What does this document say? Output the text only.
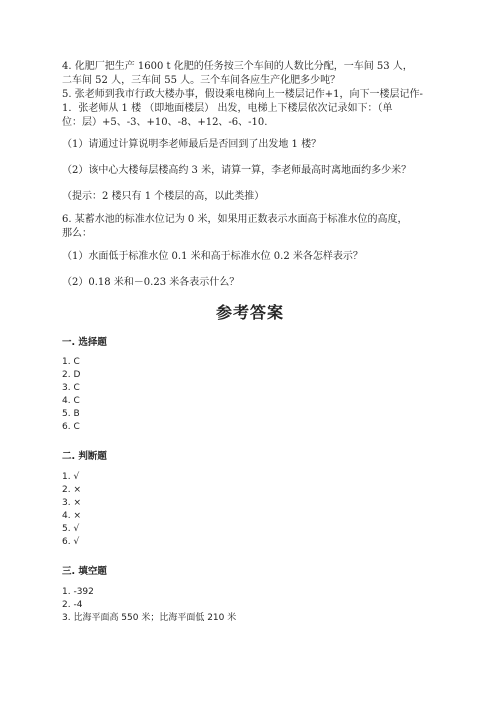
4. 化肥厂把生产 1600 t 化肥的任务按三个车间的人数比分配，一车间 53 人，
二车间 52 人，三车间 55 人。三个车间各应生产化肥多少吨？
5. 张老师到我市行政大楼办事，假设乘电梯向上一楼层记作+1，向下一楼层记作-
1．张老师从 1 楼 （即地面楼层） 出发，电梯上下楼层依次记录如下：（单
位：层）+5、-3、+10、-8、+12、-6、-10.
（1）请通过计算说明李老师最后是否回到了出发地 1 楼？
（2）该中心大楼每层楼高约 3 米，请算一算，李老师最高时离地面约多少米？
（提示：2 楼只有 1 个楼层的高，以此类推）
6. 某蓄水池的标准水位记为 0 米，如果用正数表示水面高于标准水位的高度，
那么：
（1）水面低于标准水位 0.1 米和高于标准水位 0.2 米各怎样表示？
（2）0.18 米和－0.23 米各表示什么？
参考答案
一. 选择题
1. C
2. D
3. C
4. C
5. B
6. C
二. 判断题
1. √
2. ×
3. ×
4. ×
5. √
6. √
三. 填空题
1. -392
2. -4
3. 比海平面高 550 米；比海平面低 210 米
